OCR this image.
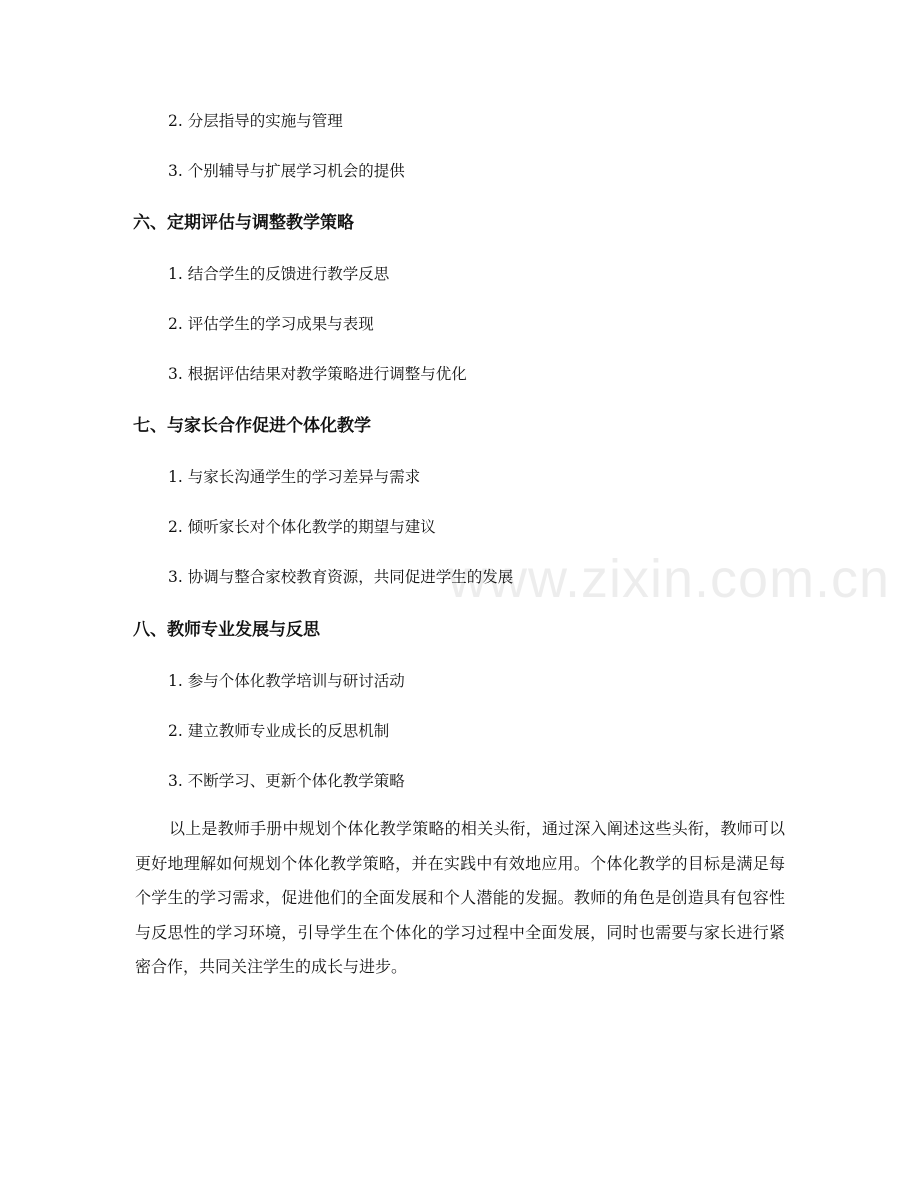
www.zixin.com.cn
2. 分层指导的实施与管理
3. 个别辅导与扩展学习机会的提供
六、定期评估与调整教学策略
1. 结合学生的反馈进行教学反思
2. 评估学生的学习成果与表现
3. 根据评估结果对教学策略进行调整与优化
七、与家长合作促进个体化教学
1. 与家长沟通学生的学习差异与需求
2. 倾听家长对个体化教学的期望与建议
3. 协调与整合家校教育资源，共同促进学生的发展
八、教师专业发展与反思
1. 参与个体化教学培训与研讨活动
2. 建立教师专业成长的反思机制
3. 不断学习、更新个体化教学策略

以上是教师手册中规划个体化教学策略的相关头衔，通过深入阐述这些头衔，教师可以更好地理解如何规划个体化教学策略，并在实践中有效地应用。个体化教学的目标是满足每个学生的学习需求，促进他们的全面发展和个人潜能的发掘。教师的角色是创造具有包容性与反思性的学习环境，引导学生在个体化的学习过程中全面发展，同时也需要与家长进行紧密合作，共同关注学生的成长与进步。
